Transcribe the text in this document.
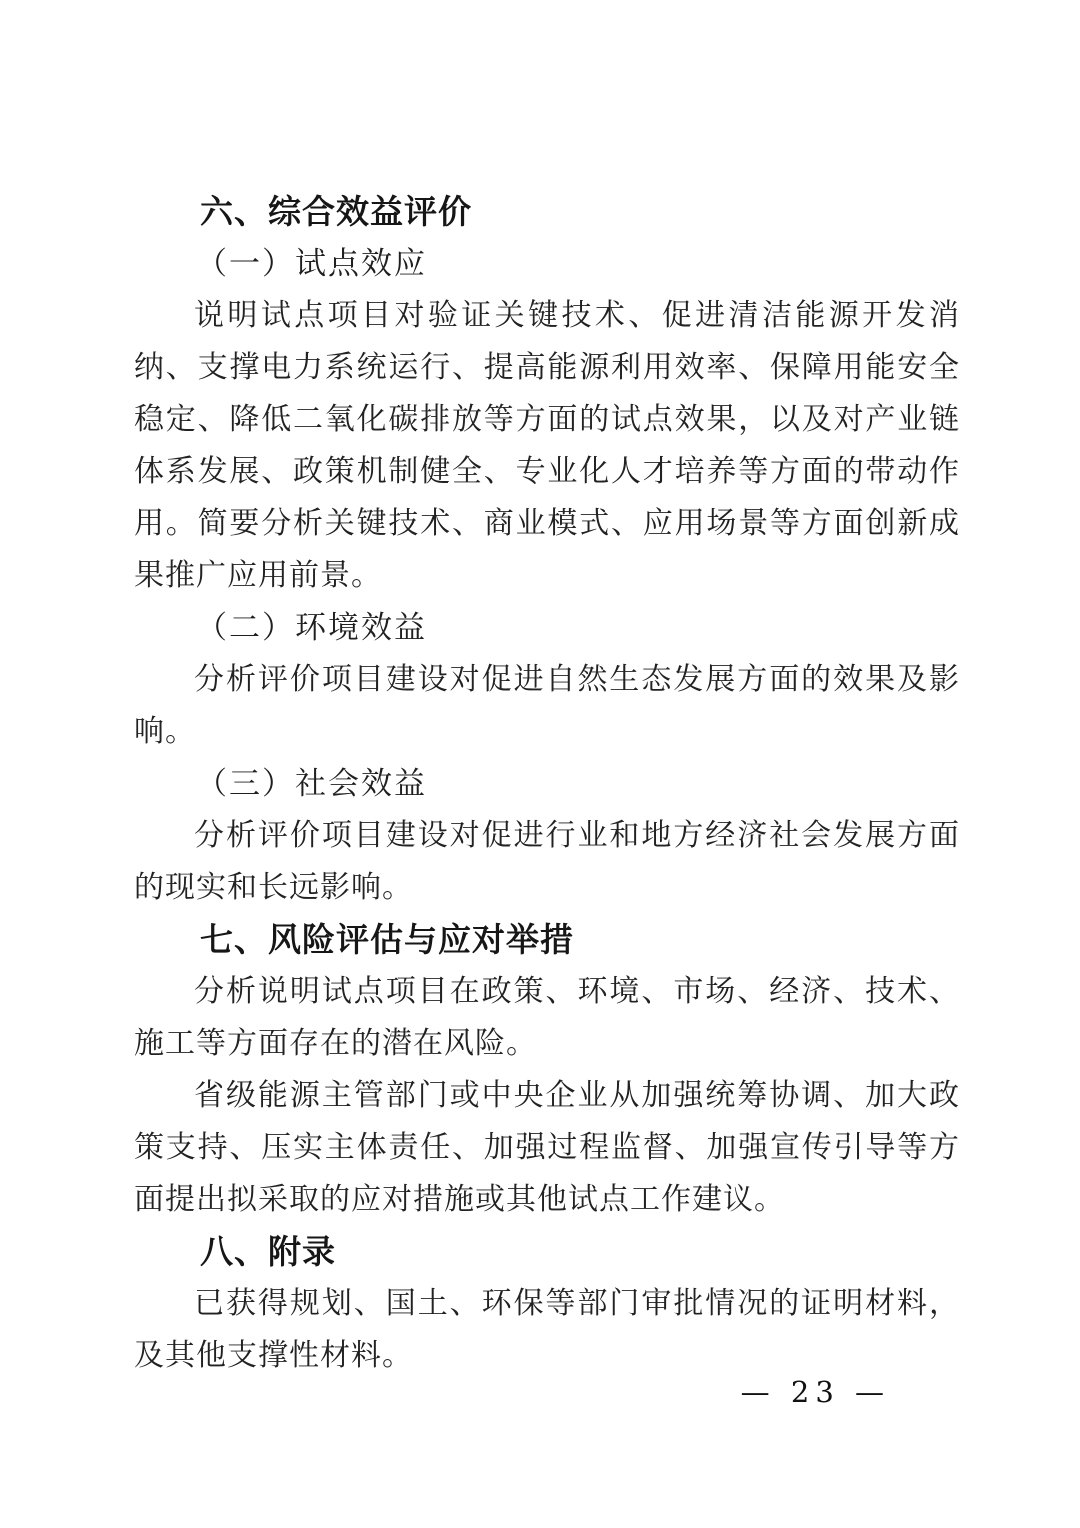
六、综合效益评价
（一）试点效应

说明试点项目对验证关键技术、促进清洁能源开发消纳、支撑电力系统运行、提高能源利用效率、保障用能安全稳定、降低二氧化碳排放等方面的试点效果，以及对产业链体系发展、政策机制健全、专业化人才培养等方面的带动作用。简要分析关键技术、商业模式、应用场景等方面创新成果推广应用前景。

（二）环境效益

分析评价项目建设对促进自然生态发展方面的效果及影响。

（三）社会效益

分析评价项目建设对促进行业和地方经济社会发展方面的现实和长远影响。

七、风险评估与应对举措

分析说明试点项目在政策、环境、市场、经济、技术、施工等方面存在的潜在风险。

省级能源主管部门或中央企业从加强统筹协调、加大政策支持、压实主体责任、加强过程监督、加强宣传引导等方面提出拟采取的应对措施或其他试点工作建议。

八、附录

已获得规划、国土、环保等部门审批情况的证明材料，及其他支撑性材料。

— 23 —
